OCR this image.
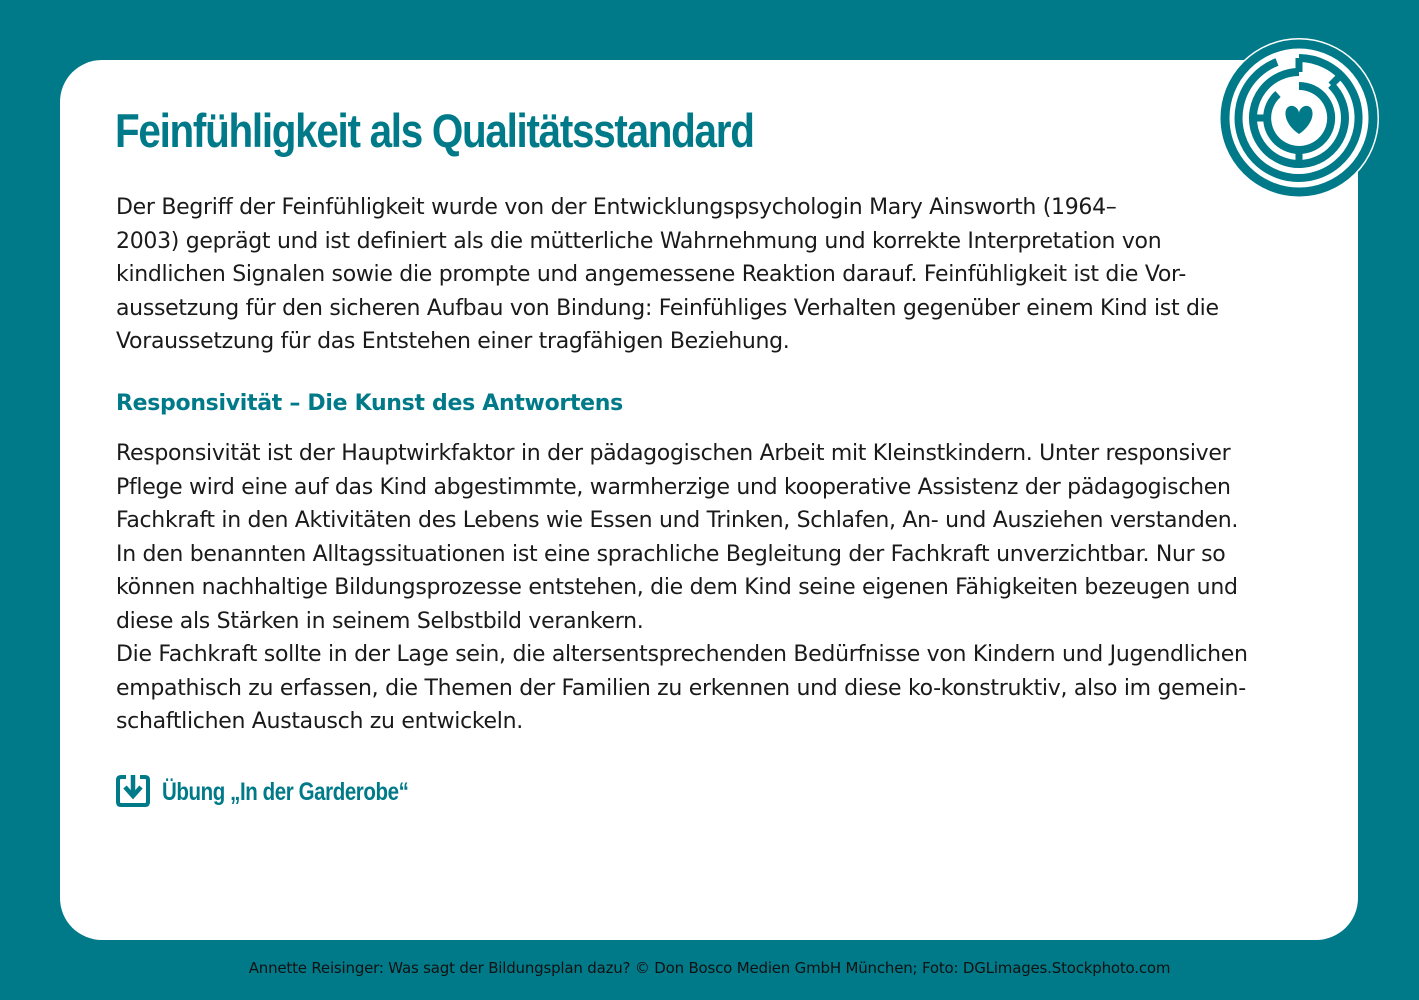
Feinfühligkeit als Qualitätsstandard
Der Begriff der Feinfühligkeit wurde von der Entwicklungspsychologin Mary Ainsworth (1964–
2003) geprägt und ist definiert als die mütterliche Wahrnehmung und korrekte Interpretation von
kindlichen Signalen sowie die prompte und angemessene Reaktion darauf. Feinfühligkeit ist die Vor-
aussetzung für den sicheren Aufbau von Bindung: Feinfühliges Verhalten gegenüber einem Kind ist die
Voraussetzung für das Entstehen einer tragfähigen Beziehung.
Responsivität – Die Kunst des Antwortens
Responsivität ist der Hauptwirkfaktor in der pädagogischen Arbeit mit Kleinstkindern. Unter responsiver
Pflege wird eine auf das Kind abgestimmte, warmherzige und kooperative Assistenz der pädagogischen
Fachkraft in den Aktivitäten des Lebens wie Essen und Trinken, Schlafen, An- und Ausziehen verstanden.
In den benannten Alltagssituationen ist eine sprachliche Begleitung der Fachkraft unverzichtbar. Nur so
können nachhaltige Bildungsprozesse entstehen, die dem Kind seine eigenen Fähigkeiten bezeugen und
diese als Stärken in seinem Selbstbild verankern.
Die Fachkraft sollte in der Lage sein, die altersentsprechenden Bedürfnisse von Kindern und Jugendlichen
empathisch zu erfassen, die Themen der Familien zu erkennen und diese ko-konstruktiv, also im gemein-
schaftlichen Austausch zu entwickeln.
Übung „In der Garderobe“
Annette Reisinger: Was sagt der Bildungsplan dazu? © Don Bosco Medien GmbH München; Foto: DGLimages.Stockphoto.com
